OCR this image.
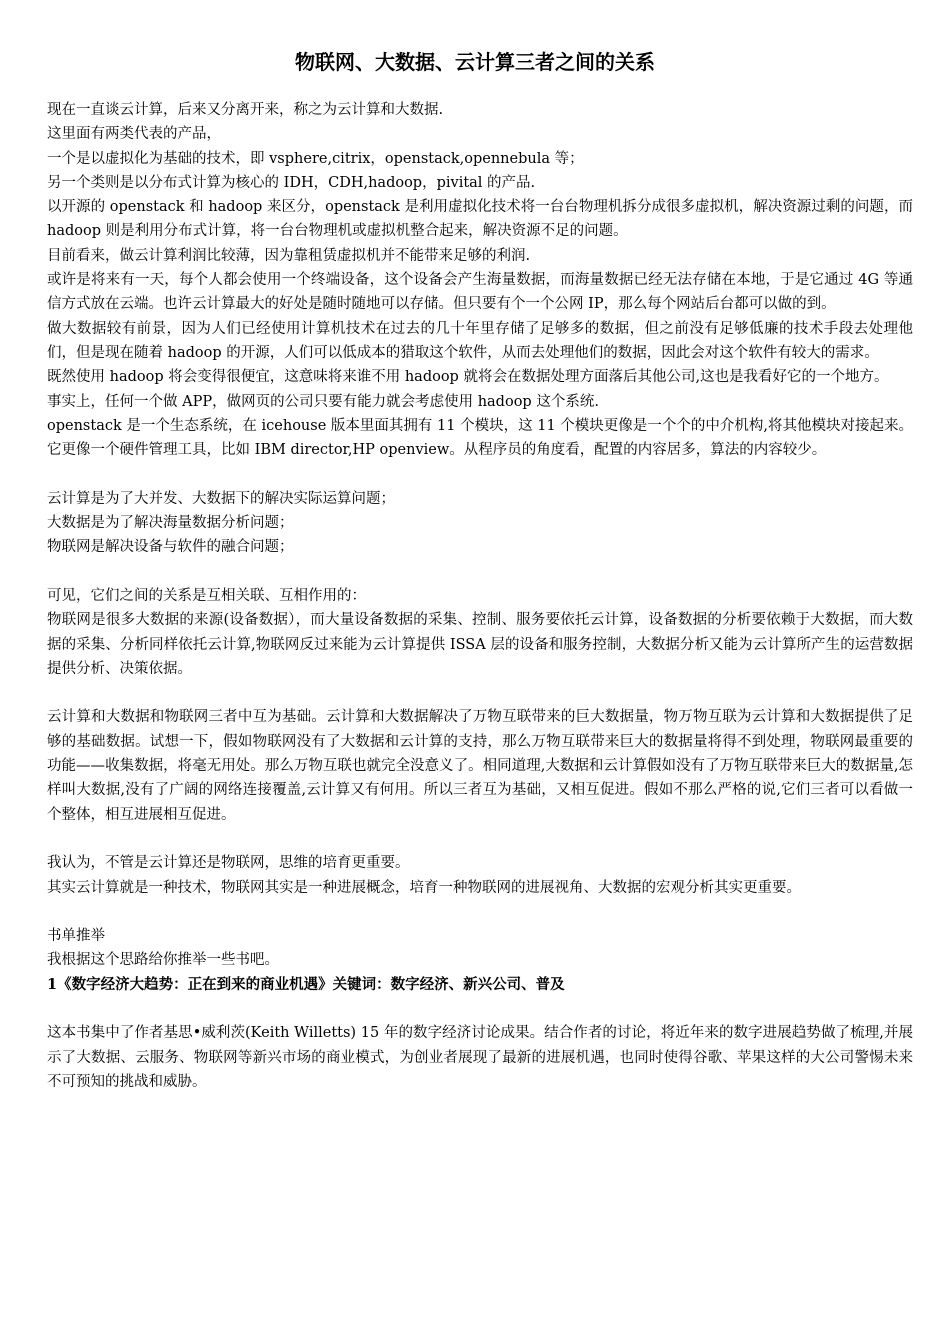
物联网、大数据、云计算三者之间的关系

现在一直谈云计算，后来又分离开来，称之为云计算和大数据.

这里面有两类代表的产品，

一个是以虚拟化为基础的技术，即 vsphere,citrix，openstack,opennebula 等；

另一个类则是以分布式计算为核心的 IDH，CDH,hadoop，pivital 的产品.

以开源的 openstack 和 hadoop 来区分，openstack 是利用虚拟化技术将一台台物理机拆分成很多虚拟机，解决资源过剩的问题，而 hadoop 则是利用分布式计算，将一台台物理机或虚拟机整合起来，解决资源不足的问题。

目前看来，做云计算利润比较薄，因为靠租赁虚拟机并不能带来足够的利润.

或许是将来有一天，每个人都会使用一个终端设备，这个设备会产生海量数据，而海量数据已经无法存储在本地，于是它通过 4G 等通信方式放在云端。也许云计算最大的好处是随时随地可以存储。但只要有个一个公网 IP，那么每个网站后台都可以做的到。

做大数据较有前景，因为人们已经使用计算机技术在过去的几十年里存储了足够多的数据，但之前没有足够低廉的技术手段去处理他们，但是现在随着 hadoop 的开源，人们可以低成本的猎取这个软件，从而去处理他们的数据，因此会对这个软件有较大的需求。

既然使用 hadoop 将会变得很便宜，这意味将来谁不用 hadoop 就将会在数据处理方面落后其他公司,这也是我看好它的一个地方。

事实上，任何一个做 APP，做网页的公司只要有能力就会考虑使用 hadoop 这个系统.

openstack 是一个生态系统，在 icehouse 版本里面其拥有 11 个模块，这 11 个模块更像是一个个的中介机构,将其他模块对接起来。它更像一个硬件管理工具，比如 IBM director,HP openview。从程序员的角度看，配置的内容居多，算法的内容较少。

云计算是为了大并发、大数据下的解决实际运算问题；

大数据是为了解决海量数据分析问题；

物联网是解决设备与软件的融合问题；

可见，它们之间的关系是互相关联、互相作用的：

物联网是很多大数据的来源(设备数据），而大量设备数据的采集、控制、服务要依托云计算，设备数据的分析要依赖于大数据，而大数据的采集、分析同样依托云计算,物联网反过来能为云计算提供 ISSA 层的设备和服务控制，大数据分析又能为云计算所产生的运营数据提供分析、决策依据。

云计算和大数据和物联网三者中互为基础。云计算和大数据解决了万物互联带来的巨大数据量，物万物互联为云计算和大数据提供了足够的基础数据。试想一下，假如物联网没有了大数据和云计算的支持，那么万物互联带来巨大的数据量将得不到处理，物联网最重要的功能——收集数据，将毫无用处。那么万物互联也就完全没意义了。相同道理,大数据和云计算假如没有了万物互联带来巨大的数据量,怎样叫大数据,没有了广阔的网络连接覆盖,云计算又有何用。所以三者互为基础，又相互促进。假如不那么严格的说,它们三者可以看做一个整体，相互进展相互促进。

我认为，不管是云计算还是物联网，思维的培育更重要。

其实云计算就是一种技术，物联网其实是一种进展概念，培育一种物联网的进展视角、大数据的宏观分析其实更重要。

书单推举

我根据这个思路给你推举一些书吧。

1《数字经济大趋势：正在到来的商业机遇》关键词：数字经济、新兴公司、普及

这本书集中了作者基思•威利茨(Keith Willetts) 15 年的数字经济讨论成果。结合作者的讨论，将近年来的数字进展趋势做了梳理,并展示了大数据、云服务、物联网等新兴市场的商业模式，为创业者展现了最新的进展机遇，也同时使得谷歌、苹果这样的大公司警惕未来不可预知的挑战和威胁。
